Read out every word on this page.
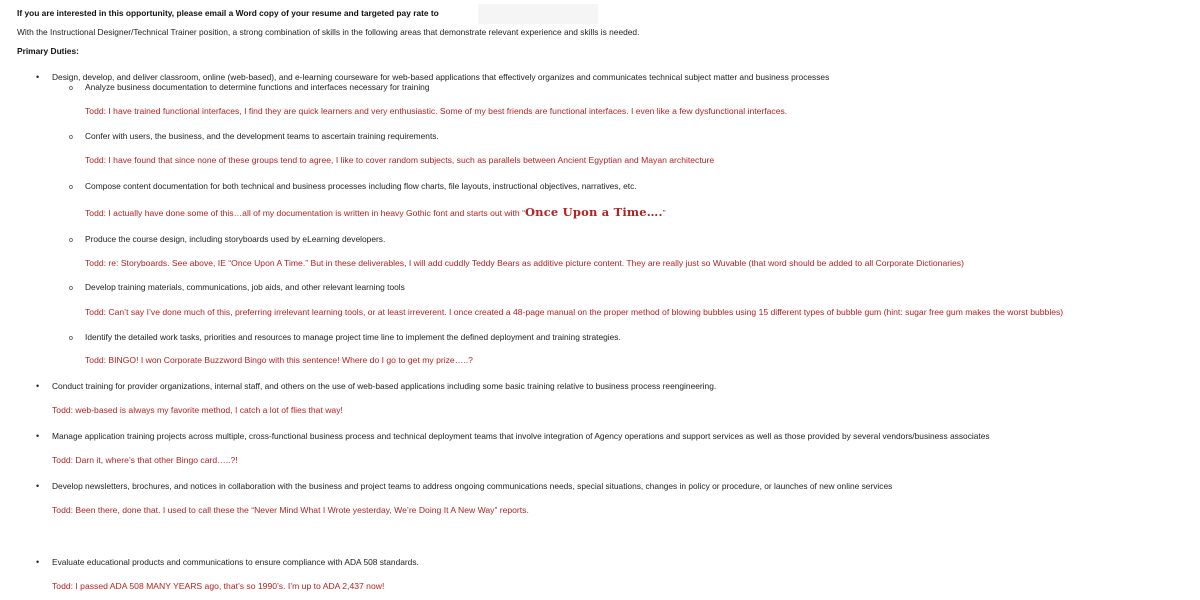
If you are interested in this opportunity, please email a Word copy of your resume and targeted pay rate to
With the Instructional Designer/Technical Trainer position, a strong combination of skills in the following areas that demonstrate relevant experience and skills is needed.
Primary Duties:
• Design, develop, and deliver classroom, online (web-based), and e-learning courseware for web-based applications that effectively organizes and communicates technical subject matter and business processes
o Analyze business documentation to determine functions and interfaces necessary for training
Todd: I have trained functional interfaces, I find they are quick learners and very enthusiastic. Some of my best friends are functional interfaces. I even like a few dysfunctional interfaces.
o Confer with users, the business, and the development teams to ascertain training requirements.
Todd: I have found that since none of these groups tend to agree, I like to cover random subjects, such as parallels between Ancient Egyptian and Mayan architecture
o Compose content documentation for both technical and business processes including flow charts, file layouts, instructional objectives, narratives, etc.
Todd: I actually have done some of this…all of my documentation is written in heavy Gothic font and starts out with “Once Upon a Time….”
o Produce the course design, including storyboards used by eLearning developers.
Todd: re: Storyboards. See above, IE “Once Upon A Time.” But in these deliverables, I will add cuddly Teddy Bears as additive picture content. They are really just so Wuvable (that word should be added to all Corporate Dictionaries)
o Develop training materials, communications, job aids, and other relevant learning tools
Todd: Can’t say I’ve done much of this, preferring irrelevant learning tools, or at least irreverent. I once created a 48-page manual on the proper method of blowing bubbles using 15 different types of bubble gum (hint: sugar free gum makes the worst bubbles)
o Identify the detailed work tasks, priorities and resources to manage project time line to implement the defined deployment and training strategies.
Todd: BINGO! I won Corporate Buzzword Bingo with this sentence! Where do I go to get my prize…..?
• Conduct training for provider organizations, internal staff, and others on the use of web-based applications including some basic training relative to business process reengineering.
Todd: web-based is always my favorite method, I catch a lot of flies that way!
• Manage application training projects across multiple, cross-functional business process and technical deployment teams that involve integration of Agency operations and support services as well as those provided by several vendors/business associates
Todd: Darn it, where’s that other Bingo card…..?!
• Develop newsletters, brochures, and notices in collaboration with the business and project teams to address ongoing communications needs, special situations, changes in policy or procedure, or launches of new online services
Todd: Been there, done that. I used to call these the “Never Mind What I Wrote yesterday, We’re Doing It A New Way” reports.
• Evaluate educational products and communications to ensure compliance with ADA 508 standards.
Todd: I passed ADA 508 MANY YEARS ago, that’s so 1990’s. I’m up to ADA 2,437 now!
